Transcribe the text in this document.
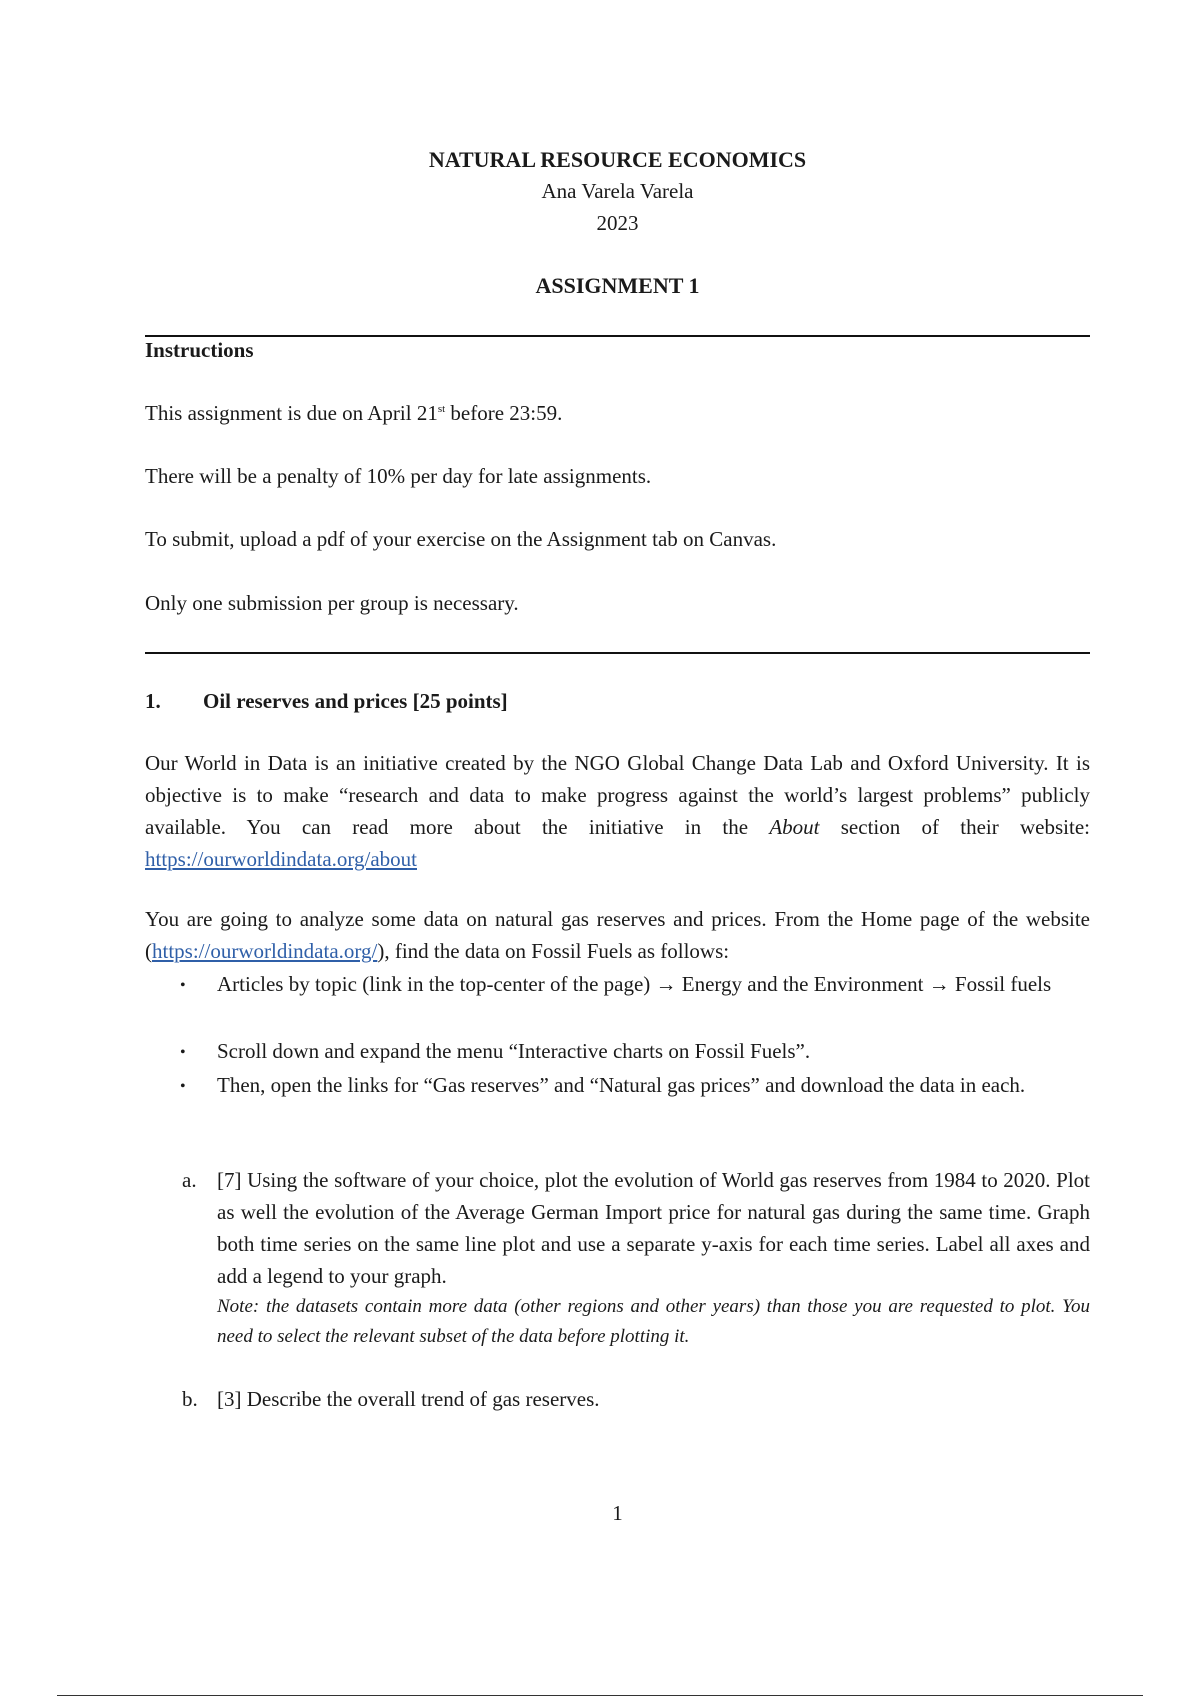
NATURAL RESOURCE ECONOMICS
Ana Varela Varela
2023
ASSIGNMENT 1
Instructions
This assignment is due on April 21st before 23:59.
There will be a penalty of 10% per day for late assignments.
To submit, upload a pdf of your exercise on the Assignment tab on Canvas.
Only one submission per group is necessary.
1. Oil reserves and prices [25 points]
Our World in Data is an initiative created by the NGO Global Change Data Lab and Oxford University. It is objective is to make “research and data to make progress against the world’s largest problems” publicly available. You can read more about the initiative in the About section of their website: https://ourworldindata.org/about
You are going to analyze some data on natural gas reserves and prices. From the Home page of the website (https://ourworldindata.org/), find the data on Fossil Fuels as follows:
• Articles by topic (link in the top-center of the page) → Energy and the Environment → Fossil fuels
• Scroll down and expand the menu “Interactive charts on Fossil Fuels”.
• Then, open the links for “Gas reserves” and “Natural gas prices” and download the data in each.
a. [7] Using the software of your choice, plot the evolution of World gas reserves from 1984 to 2020. Plot as well the evolution of the Average German Import price for natural gas during the same time. Graph both time series on the same line plot and use a separate y-axis for each time series. Label all axes and add a legend to your graph.
Note: the datasets contain more data (other regions and other years) than those you are requested to plot. You need to select the relevant subset of the data before plotting it.
b. [3] Describe the overall trend of gas reserves.
1
